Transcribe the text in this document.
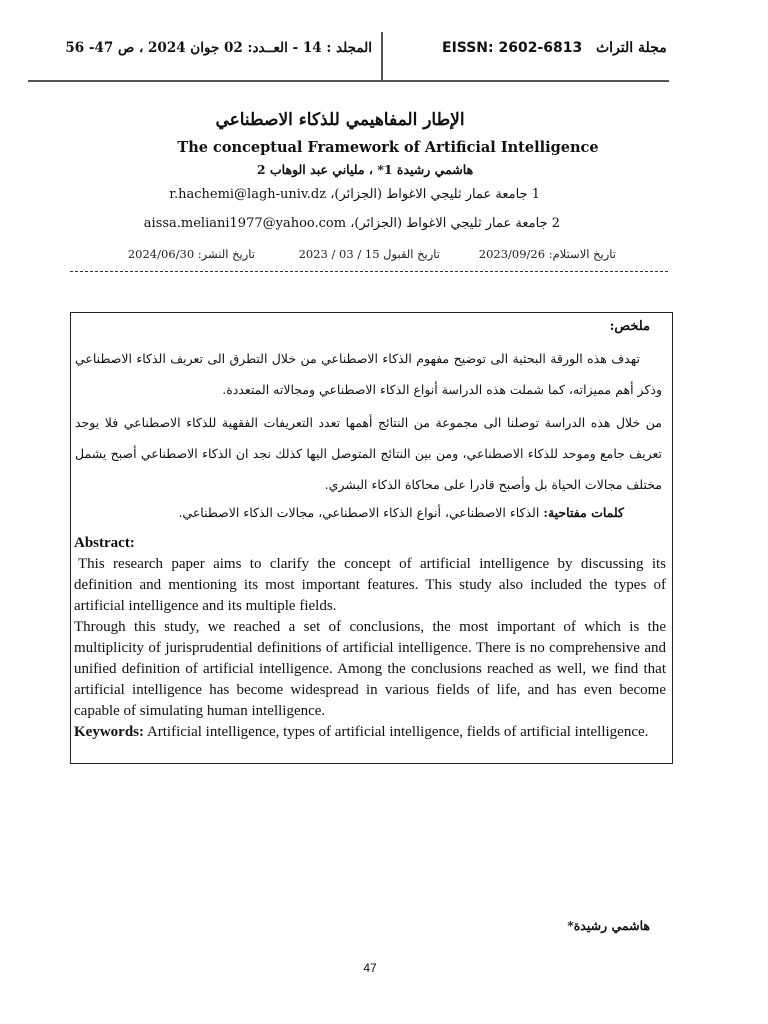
مجلة التراث
EISSN: 2602-6813
المجلد : 14 - العــدد: 02 جوان 2024 ، ص 47- 56
الإطار المفاهيمي للذكاء الاصطناعي
The conceptual Framework of Artificial Intelligence
هاشمي رشيدة 1* ، ملياني عبد الوهاب 2
1 جامعة عمار ثليجي الاغواط (الجزائر)، r.hachemi@lagh-univ.dz
2 جامعة عمار ثليجي الاغواط (الجزائر)، aissa.meliani1977@yahoo.com
تاريخ الاستلام: 2023/09/26
تاريخ القبول 15 / 03 / 2023
تاريخ النشر: 2024/06/30
ملخص:
تهدف هذه الورقة البحثية الى توضيح مفهوم الذكاء الاصطناعي من خلال التطرق الى تعريف الذكاء الاصطناعي وذكر أهم مميزاته، كما شملت هذه الدراسة أنواع الذكاء الاصطناعي ومجالاته المتعددة.
من خلال هذه الدراسة توصلنا الى مجموعة من النتائج أهمها تعدد التعريفات الفقهية للذكاء الاصطناعي فلا يوجد تعريف جامع وموحد للذكاء الاصطناعي، ومن بين النتائج المتوصل اليها كذلك نجد ان الذكاء الاصطناعي أصبح يشمل مختلف مجالات الحياة بل وأصبح قادرا على محاكاة الذكاء البشري.
كلمات مفتاحية: الذكاء الاصطناعي، أنواع الذكاء الاصطناعي، مجالات الذكاء الاصطناعي.
Abstract:
This research paper aims to clarify the concept of artificial intelligence by discussing its definition and mentioning its most important features. This study also included the types of artificial intelligence and its multiple fields.
Through this study, we reached a set of conclusions, the most important of which is the multiplicity of jurisprudential definitions of artificial intelligence. There is no comprehensive and unified definition of artificial intelligence. Among the conclusions reached as well, we find that artificial intelligence has become widespread in various fields of life, and has even become capable of simulating human intelligence.
Keywords: Artificial intelligence, types of artificial intelligence, fields of artificial intelligence.
هاشمي رشيدة*
47
